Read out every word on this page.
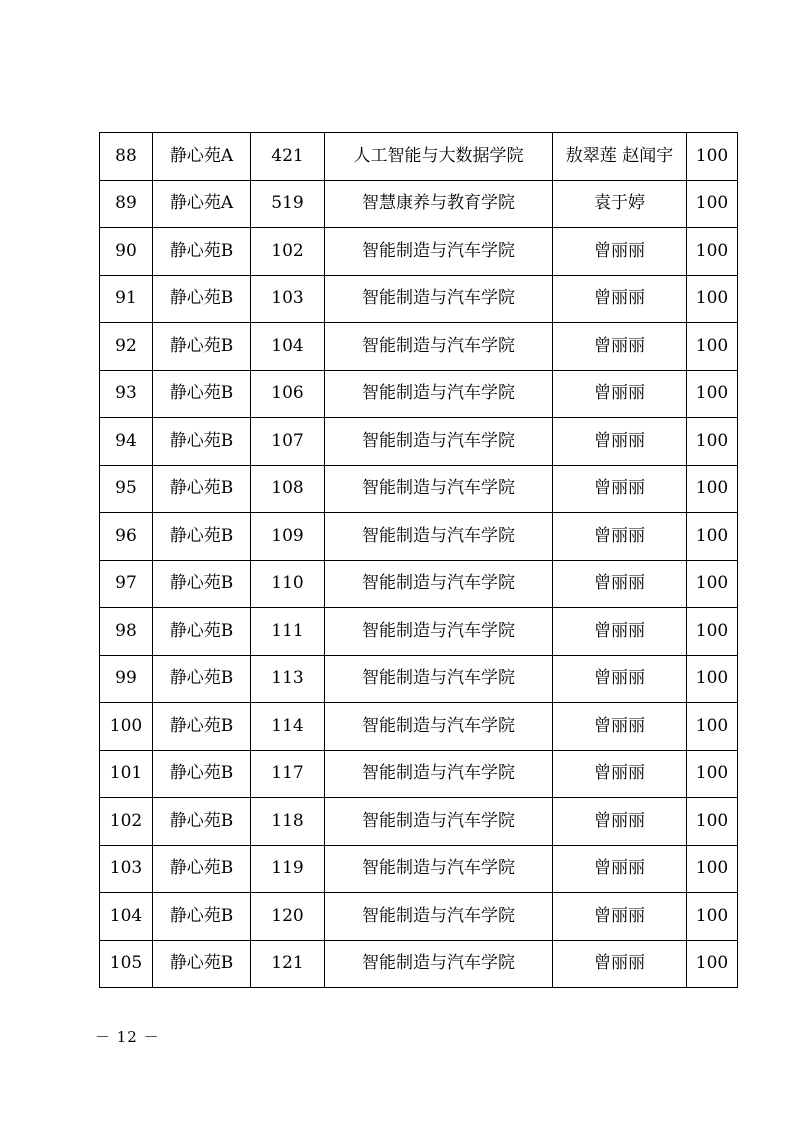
88	静心苑A	421	人工智能与大数据学院	敖翠莲 赵闻宇	100
89	静心苑A	519	智慧康养与教育学院	袁于婷	100
90	静心苑B	102	智能制造与汽车学院	曾丽丽	100
91	静心苑B	103	智能制造与汽车学院	曾丽丽	100
92	静心苑B	104	智能制造与汽车学院	曾丽丽	100
93	静心苑B	106	智能制造与汽车学院	曾丽丽	100
94	静心苑B	107	智能制造与汽车学院	曾丽丽	100
95	静心苑B	108	智能制造与汽车学院	曾丽丽	100
96	静心苑B	109	智能制造与汽车学院	曾丽丽	100
97	静心苑B	110	智能制造与汽车学院	曾丽丽	100
98	静心苑B	111	智能制造与汽车学院	曾丽丽	100
99	静心苑B	113	智能制造与汽车学院	曾丽丽	100
100	静心苑B	114	智能制造与汽车学院	曾丽丽	100
101	静心苑B	117	智能制造与汽车学院	曾丽丽	100
102	静心苑B	118	智能制造与汽车学院	曾丽丽	100
103	静心苑B	119	智能制造与汽车学院	曾丽丽	100
104	静心苑B	120	智能制造与汽车学院	曾丽丽	100
105	静心苑B	121	智能制造与汽车学院	曾丽丽	100
－ 12 －
